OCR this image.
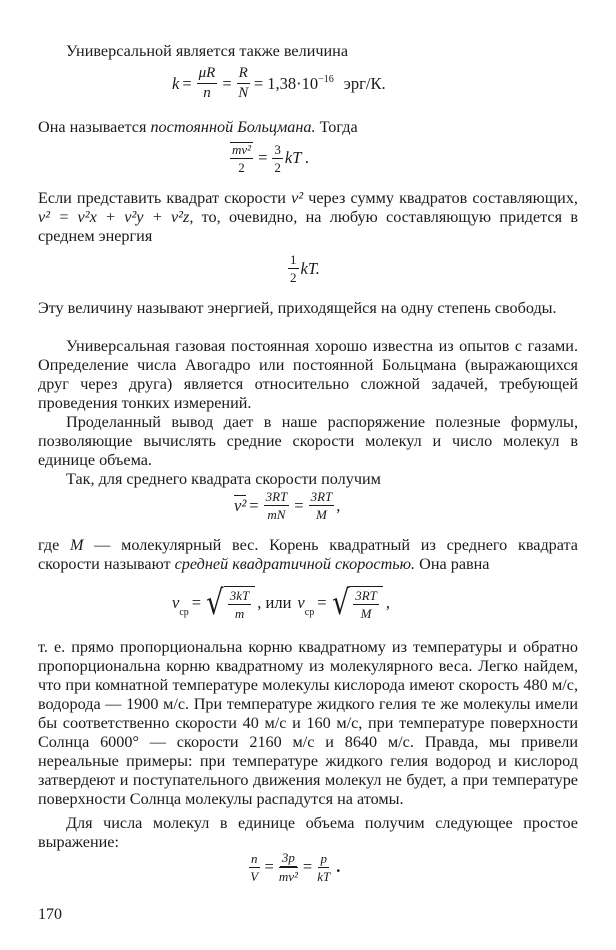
Универсальной является также величина
$k = \frac{\mu R}{n} = \frac{R}{N} = 1,38\cdot 10^{-16}$ эрг/К.
Она называется постоянной Больцмана. Тогда
$\frac{\text{mv²}}{2} = \frac{3}{2}$ kT .
Если представить квадрат скорости v² через сумму квадратов составляющих, v² = v²x + v²y + v²z, то, очевидно, на любую составляющую придется в среднем энергия
$\frac{1}{2}$ kT.
Эту величину называют энергией, приходящейся на одну степень свободы.
Универсальная газовая постоянная хорошо известна из опытов с газами. Определение числа Авогадро или постоянной Больцмана (выражающихся друг через друга) является относительно сложной задачей, требующей проведения тонких измерений.
Проделанный вывод дает в наше распоряжение полезные формулы, позволяющие вычислять средние скорости молекул и число молекул в единице объема.
Так, для среднего квадрата скорости получим
$v^2 = \frac{3RT}{mN} = \frac{3RT}{M}$ ,
где M — молекулярный вес. Корень квадратный из среднего квадрата скорости называют средней квадратичной скоростью. Она равна
v
$_{ср}$
= √ $\frac{3kT}{m}$ , или v
$_{ср}$
= √ $\frac{3RT}{M}$ ,
т. е. прямо пропорциональна корню квадратному из температуры и обратно пропорциональна корню квадратному из молекулярного веса. Легко найдем, что при комнатной температуре молекулы кислорода имеют скорость 480 м/с, водорода — 1900 м/с. При температуре жидкого гелия те же молекулы имели бы соответственно скорости 40 м/с и 160 м/с, при температуре поверхности Солнца 6000° — скорости 2160 м/с и 8640 м/с. Правда, мы привели нереальные примеры: при температуре жидкого гелия водород и кислород затвердеют и поступательного движения молекул не будет, а при температуре поверхности Солнца молекулы распадутся на атомы.
Для числа молекул в единице объема получим следующее простое выражение:
$\frac{n}{V} = \frac{3p}{\text{mv²}} = \frac{p}{kT}$ .
170
